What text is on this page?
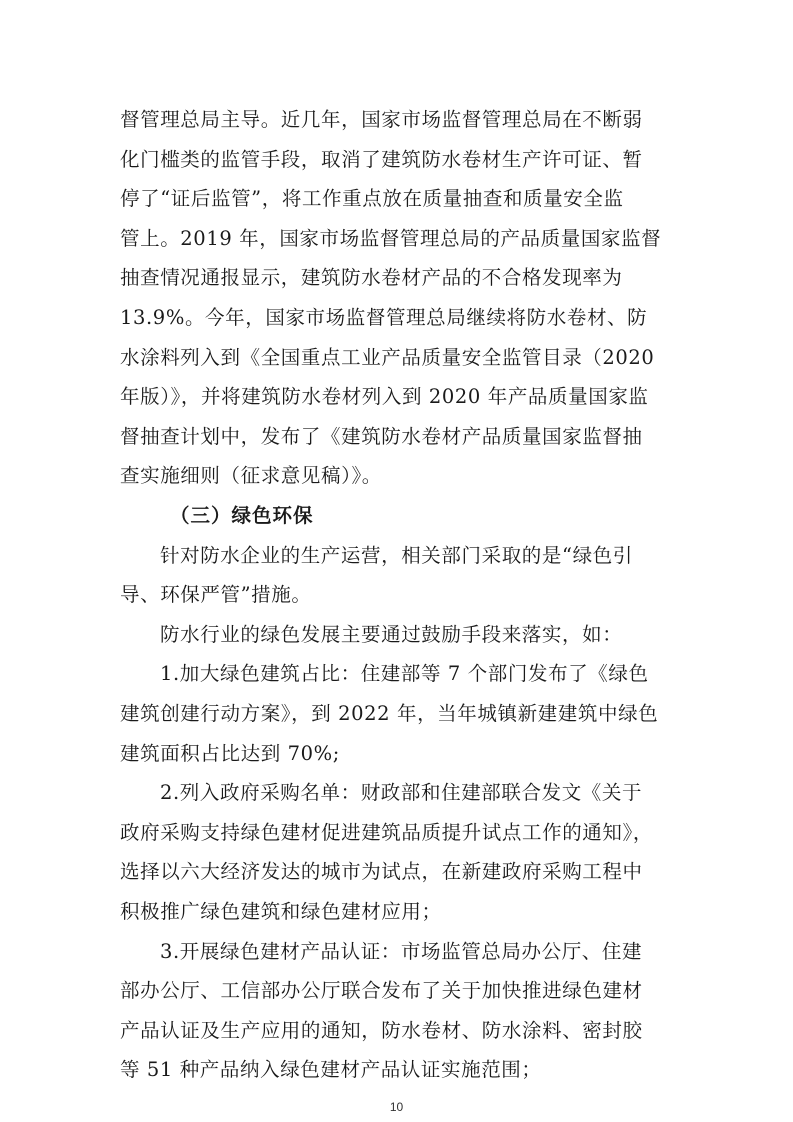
督管理总局主导。近几年，国家市场监督管理总局在不断弱
化门槛类的监管手段，取消了建筑防水卷材生产许可证、暂
停了“证后监管”，将工作重点放在质量抽查和质量安全监
管上。2019 年，国家市场监督管理总局的产品质量国家监督
抽查情况通报显示，建筑防水卷材产品的不合格发现率为
13.9%。今年，国家市场监督管理总局继续将防水卷材、防
水涂料列入到《全国重点工业产品质量安全监管目录（2020
年版）》，并将建筑防水卷材列入到 2020 年产品质量国家监
督抽查计划中，发布了《建筑防水卷材产品质量国家监督抽
查实施细则（征求意见稿）》。
（三）绿色环保
针对防水企业的生产运营，相关部门采取的是“绿色引
导、环保严管”措施。
防水行业的绿色发展主要通过鼓励手段来落实，如：
1.加大绿色建筑占比：住建部等 7 个部门发布了《绿色
建筑创建行动方案》，到 2022 年，当年城镇新建建筑中绿色
建筑面积占比达到 70%;
2.列入政府采购名单：财政部和住建部联合发文《关于
政府采购支持绿色建材促进建筑品质提升试点工作的通知》，
选择以六大经济发达的城市为试点，在新建政府采购工程中
积极推广绿色建筑和绿色建材应用；
3.开展绿色建材产品认证：市场监管总局办公厅、住建
部办公厅、工信部办公厅联合发布了关于加快推进绿色建材
10
产品认证及生产应用的通知，防水卷材、防水涂料、密封胶
等 51 种产品纳入绿色建材产品认证实施范围；
